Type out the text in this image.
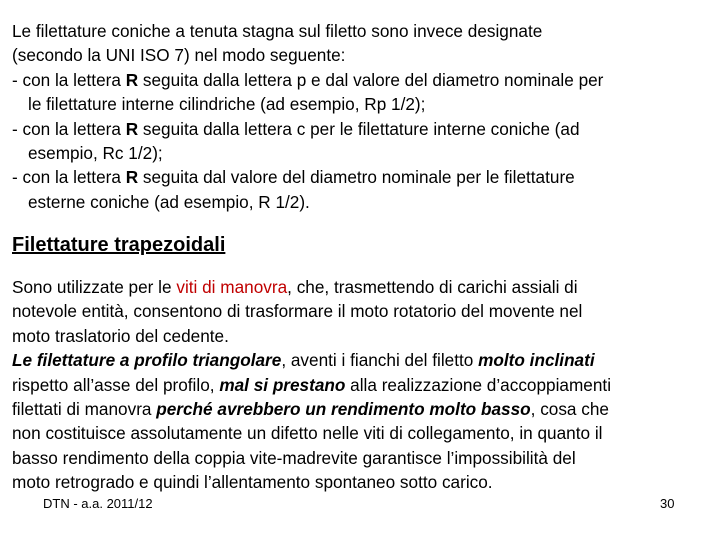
Le filettature coniche a tenuta stagna sul filetto sono invece designate
(secondo la UNI ISO 7) nel modo seguente:
- con la lettera R seguita dalla lettera p e dal valore del diametro nominale per
le filettature interne cilindriche (ad esempio, Rp 1/2);
- con la lettera R seguita dalla lettera c per le filettature interne coniche (ad
esempio, Rc 1/2);
- con la lettera R seguita dal valore del diametro nominale per le filettature
esterne coniche (ad esempio, R 1/2).
Filettature trapezoidali
Sono utilizzate per le viti di manovra, che, trasmettendo di carichi assiali di
notevole entità, consentono di trasformare il moto rotatorio del movente nel
moto traslatorio del cedente.
Le filettature a profilo triangolare, aventi i fianchi del filetto molto inclinati
rispetto all’asse del profilo, mal si prestano alla realizzazione d’accoppiamenti
filettati di manovra perché avrebbero un rendimento molto basso, cosa che
non costituisce assolutamente un difetto nelle viti di collegamento, in quanto il
basso rendimento della coppia vite‑madrevite garantisce l’impossibilità del
moto retrogrado e quindi l’allentamento spontaneo sotto carico.
DTN - a.a. 2011/12	30
